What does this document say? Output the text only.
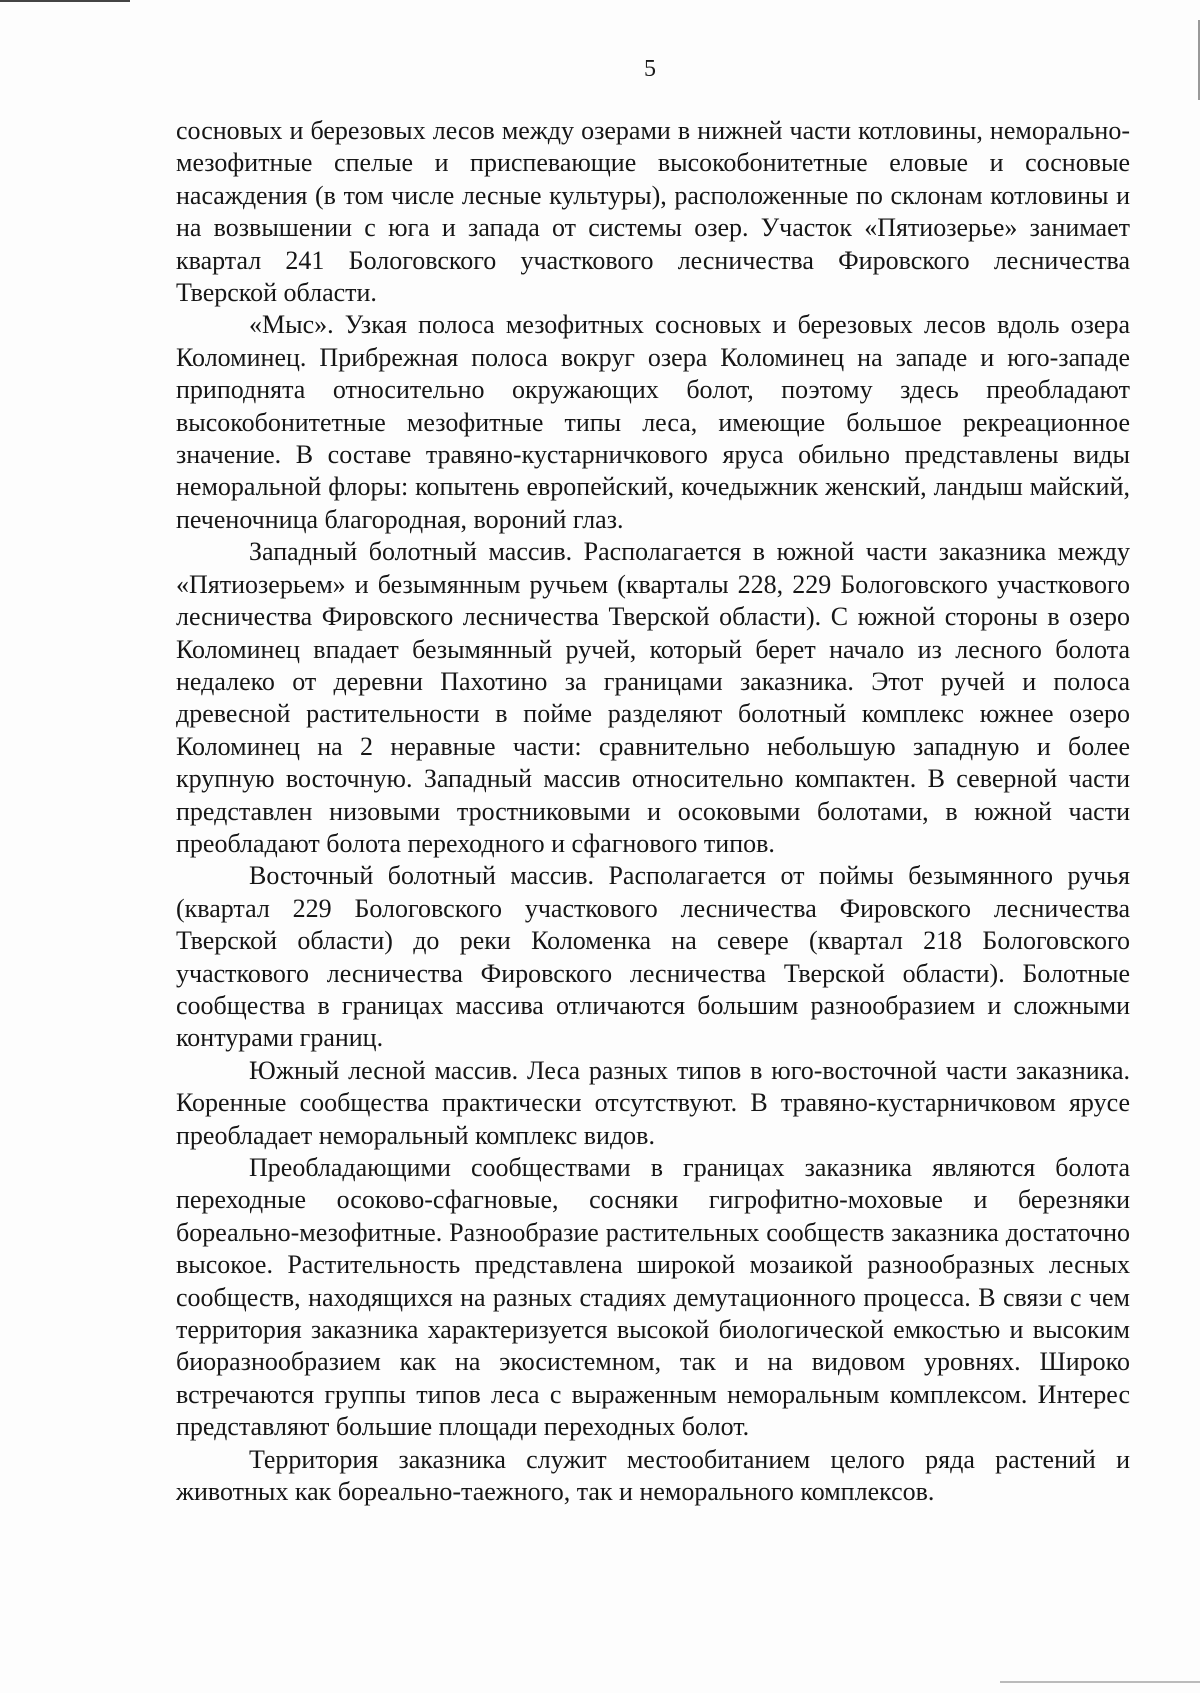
5

сосновых и березовых лесов между озерами в нижней части котловины, неморально-мезофитные спелые и приспевающие высокобонитетные еловые и сосновые насаждения (в том числе лесные культуры), расположенные по склонам котловины и на возвышении с юга и запада от системы озер. Участок «Пятиозерье» занимает квартал 241 Бологовского участкового лесничества Фировского лесничества Тверской области.

«Мыс». Узкая полоса мезофитных сосновых и березовых лесов вдоль озера Коломинец. Прибрежная полоса вокруг озера Коломинец на западе и юго-западе приподнята относительно окружающих болот, поэтому здесь преобладают высокобонитетные мезофитные типы леса, имеющие большое рекреационное значение. В составе травяно-кустарничкового яруса обильно представлены виды неморальной флоры: копытень европейский, кочедыжник женский, ландыш майский, печеночница благородная, вороний глаз.

Западный болотный массив. Располагается в южной части заказника между «Пятиозерьем» и безымянным ручьем (кварталы 228, 229 Бологовского участкового лесничества Фировского лесничества Тверской области). С южной стороны в озеро Коломинец впадает безымянный ручей, который берет начало из лесного болота недалеко от деревни Пахотино за границами заказника. Этот ручей и полоса древесной растительности в пойме разделяют болотный комплекс южнее озеро Коломинец на 2 неравные части: сравнительно небольшую западную и более крупную восточную. Западный массив относительно компактен. В северной части представлен низовыми тростниковыми и осоковыми болотами, в южной части преобладают болота переходного и сфагнового типов.

Восточный болотный массив. Располагается от поймы безымянного ручья (квартал 229 Бологовского участкового лесничества Фировского лесничества Тверской области) до реки Коломенка на севере (квартал 218 Бологовского участкового лесничества Фировского лесничества Тверской области). Болотные сообщества в границах массива отличаются большим разнообразием и сложными контурами границ.

Южный лесной массив. Леса разных типов в юго-восточной части заказника. Коренные сообщества практически отсутствуют. В травяно-кустарничковом ярусе преобладает неморальный комплекс видов.

Преобладающими сообществами в границах заказника являются болота переходные осоково-сфагновые, сосняки гигрофитно-моховые и березняки бореально-мезофитные. Разнообразие растительных сообществ заказника достаточно высокое. Растительность представлена широкой мозаикой разнообразных лесных сообществ, находящихся на разных стадиях демутационного процесса. В связи с чем территория заказника характеризуется высокой биологической емкостью и высоким биоразнообразием как на экосистемном, так и на видовом уровнях. Широко встречаются группы типов леса с выраженным неморальным комплексом. Интерес представляют большие площади переходных болот.

Территория заказника служит местообитанием целого ряда растений и животных как бореально-таежного, так и неморального комплексов.
